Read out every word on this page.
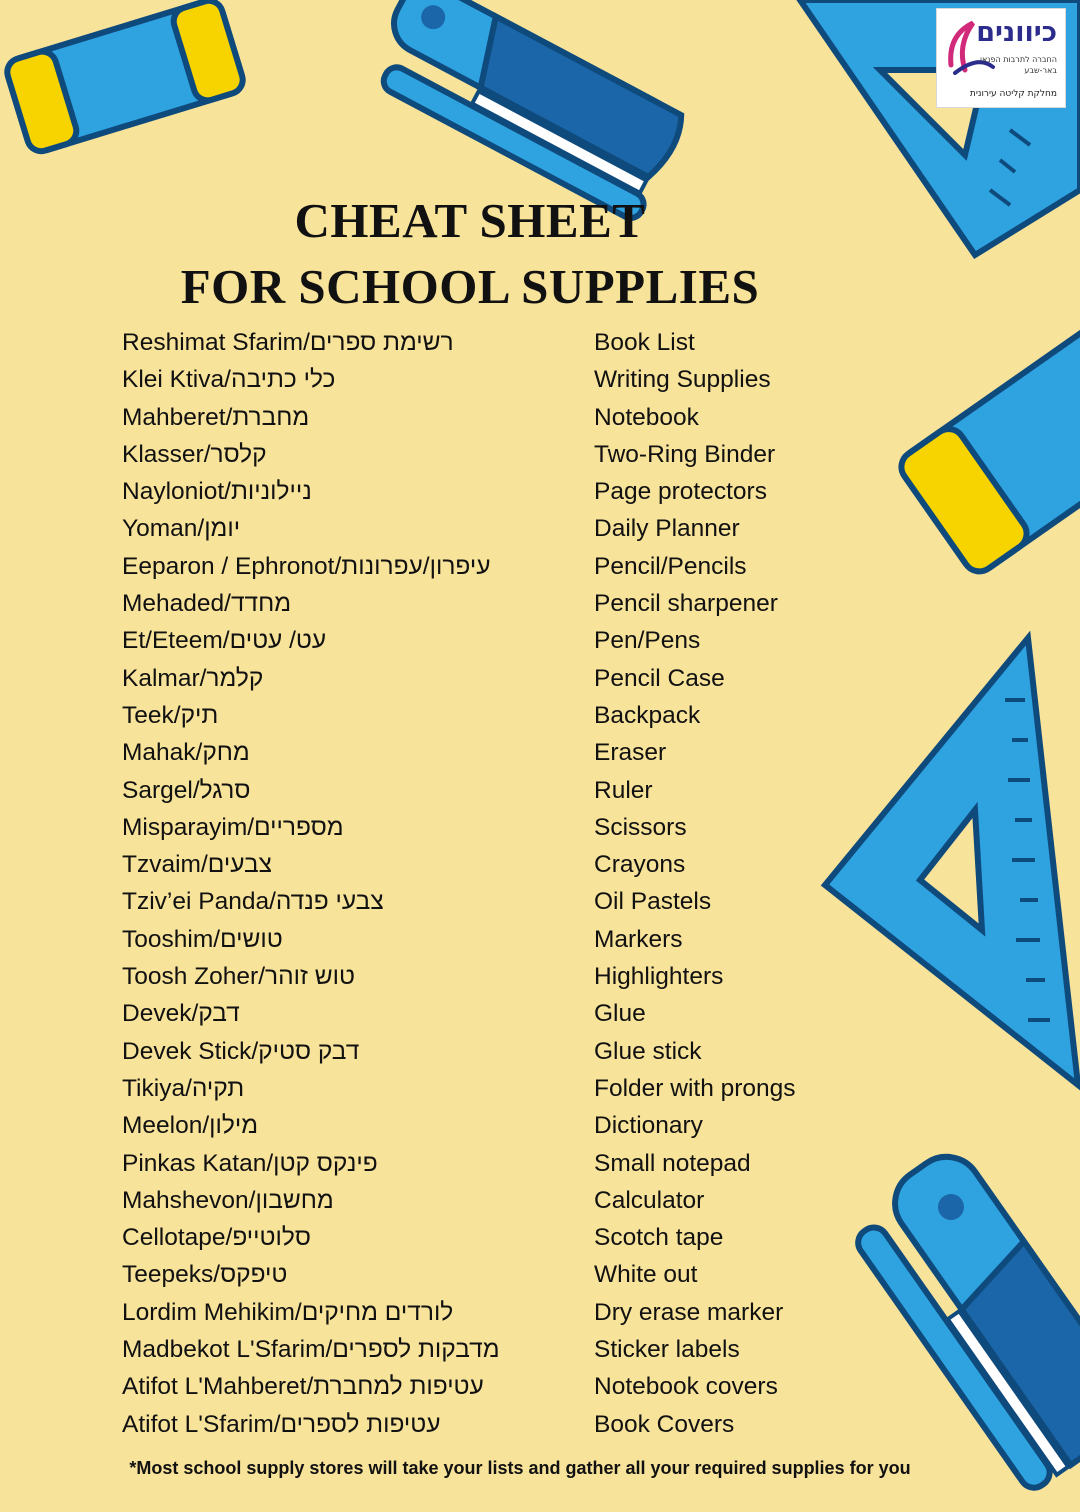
כיוונים
החברה לתרבות הפנאי
באר-שבע
מחלקת קליטה עירונית
CHEAT SHEET
FOR SCHOOL SUPPLIES
רשימת ספרים/Reshimat Sfarim	Book List
כלי כתיבה/Klei Ktiva	Writing Supplies
מחברת/Mahberet	Notebook
קלסר/Klasser	Two-Ring Binder
ניילוניות/Nayloniot	Page protectors
יומן/Yoman	Daily Planner
עיפרון/עפרונות/Eeparon / Ephronot	Pencil/Pencils
מחדד/Mehaded	Pencil sharpener
עט/ עטים/Et/Eteem	Pen/Pens
קלמר/Kalmar	Pencil Case
תיק/Teek	Backpack
מחק/Mahak	Eraser
סרגל/Sargel	Ruler
מספריים/Misparayim	Scissors
צבעים/Tzvaim	Crayons
צבעי פנדה/Tziv’ei Panda	Oil Pastels
טושים/Tooshim	Markers
טוש זוהר/Toosh Zoher	Highlighters
דבק/Devek	Glue
דבק סטיק/Devek Stick	Glue stick
תקיה/Tikiya	Folder with prongs
מילון/Meelon	Dictionary
פינקס קטן/Pinkas Katan	Small notepad
מחשבון/Mahshevon	Calculator
סלוטייפ/Cellotape	Scotch tape
טיפקס/Teepeks	White out
לורדים מחיקים/Lordim Mehikim	Dry erase marker
מדבקות לספרים/Madbekot L'Sfarim	Sticker labels
עטיפות למחברת/Atifot L'Mahberet	Notebook covers
עטיפות לספרים/Atifot L'Sfarim	Book Covers
*Most school supply stores will take your lists and gather all your required supplies for you
